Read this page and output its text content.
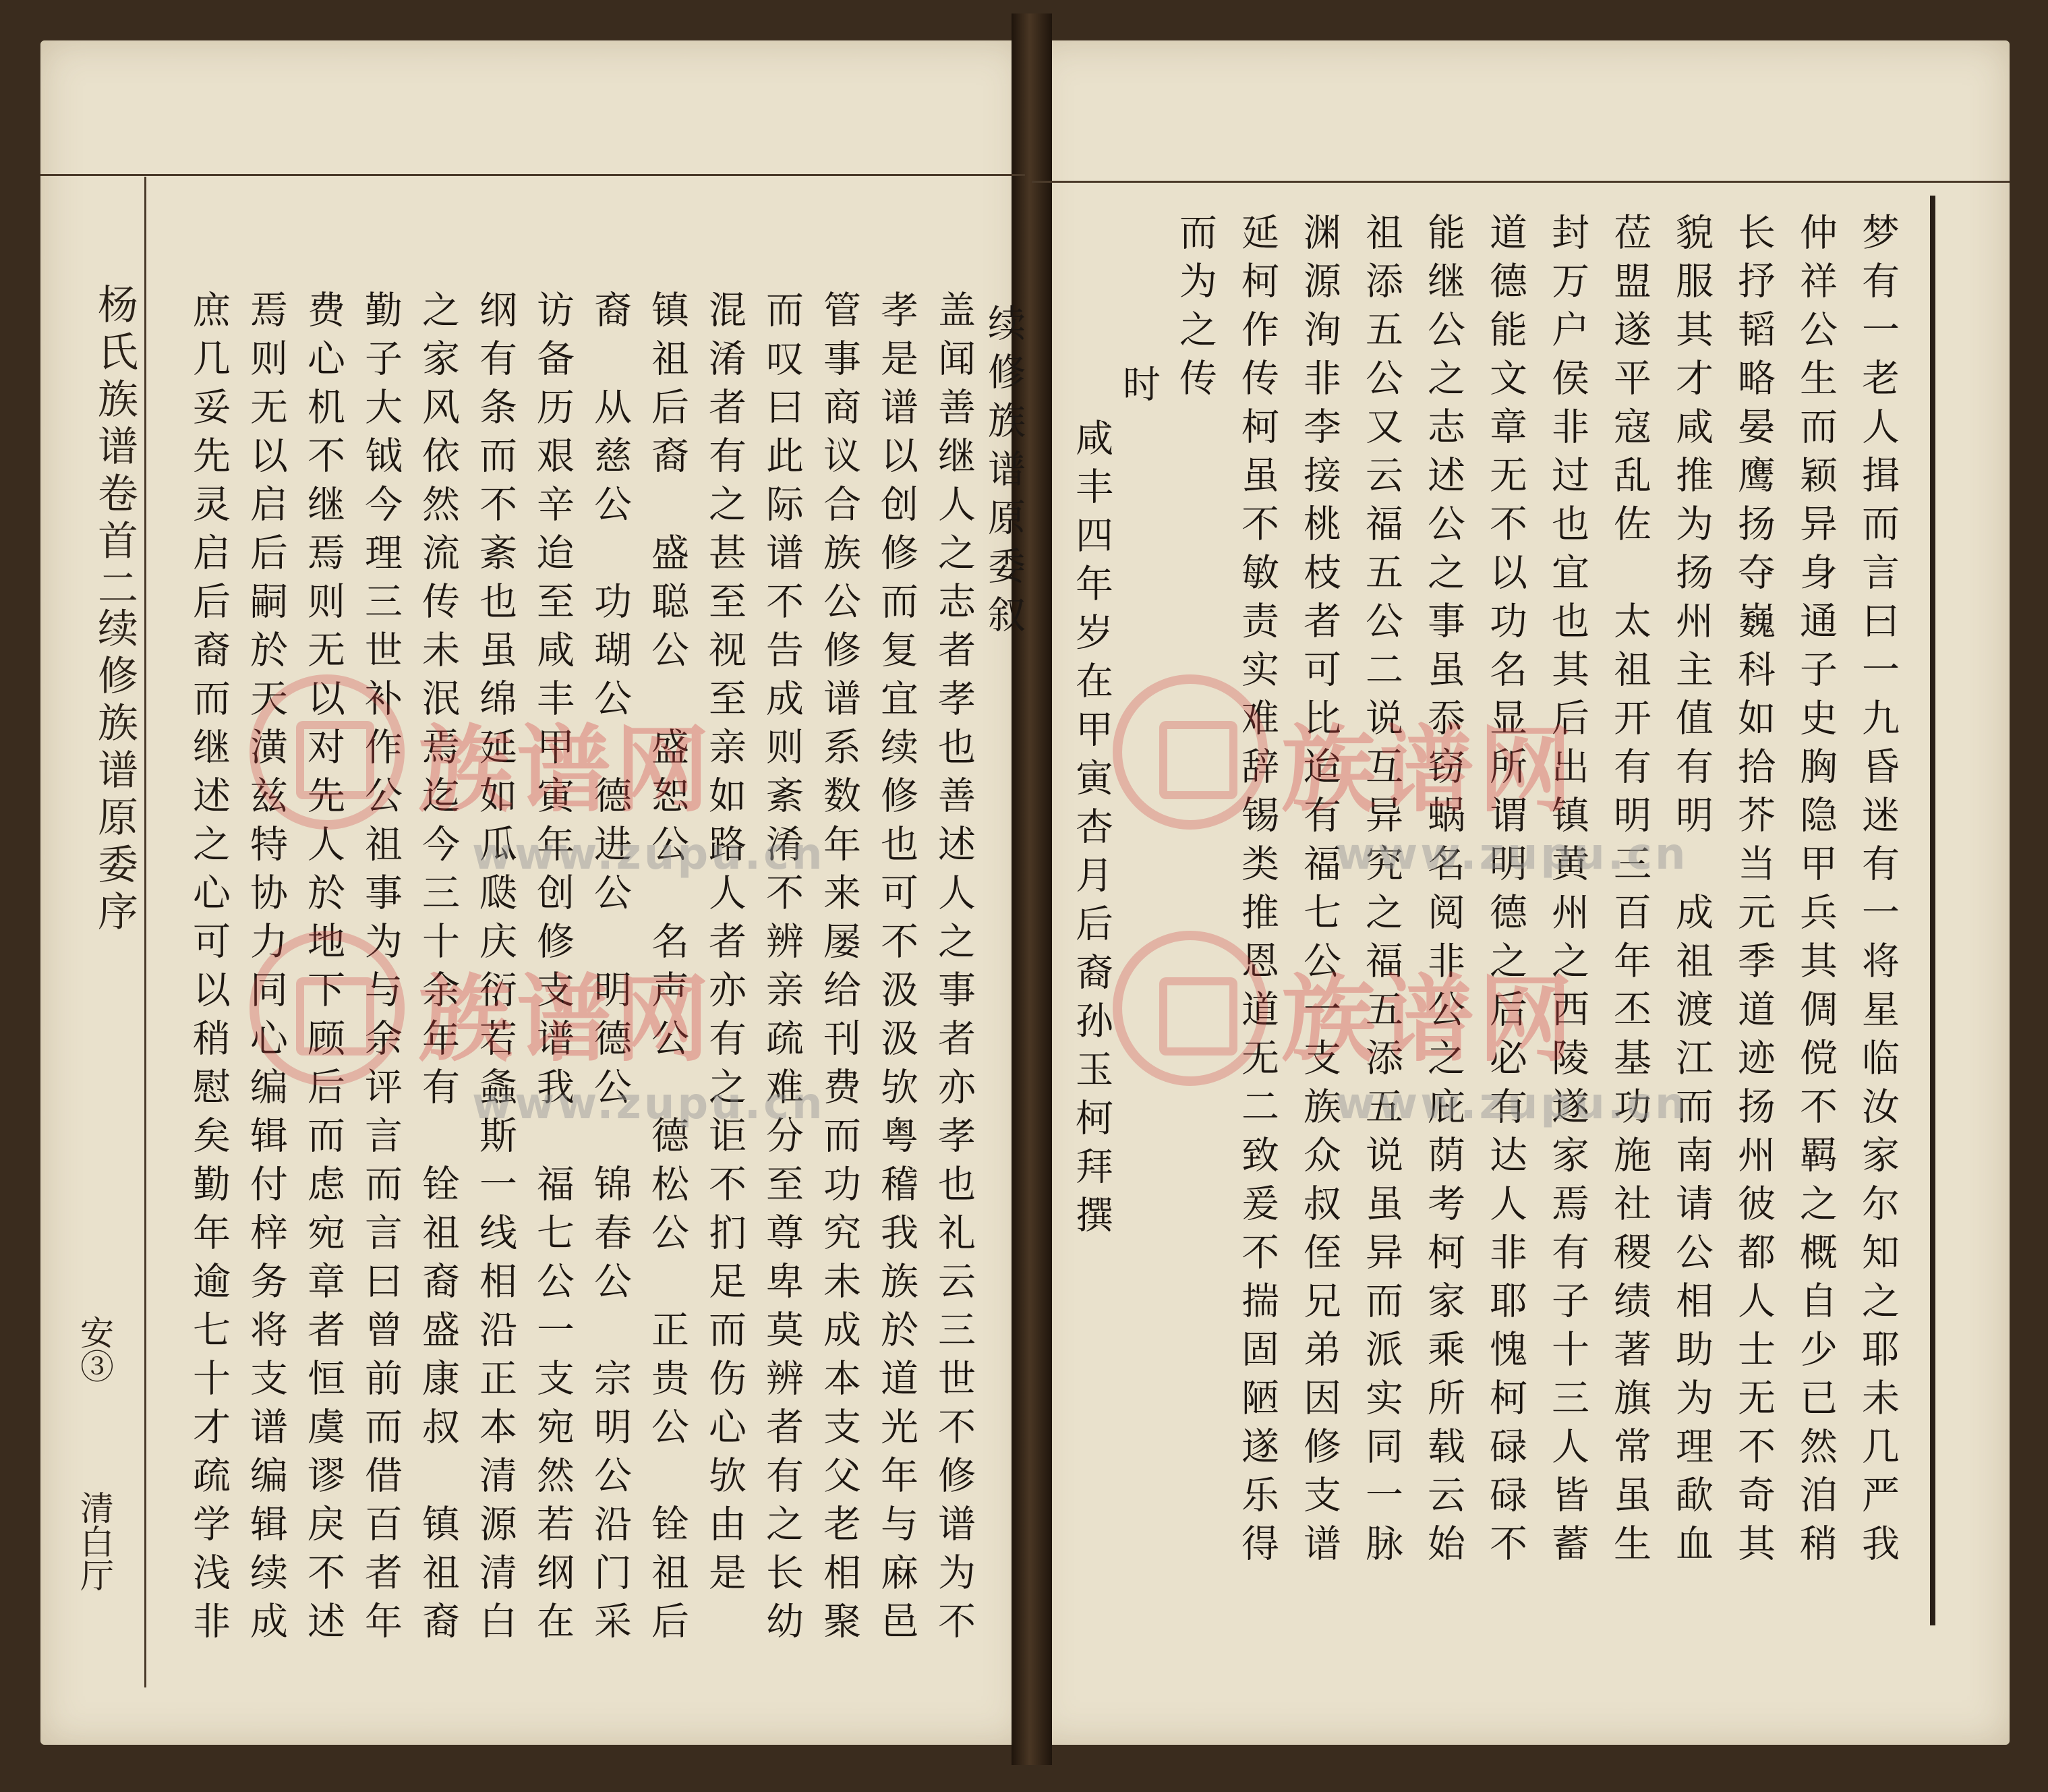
杨氏族谱卷首二
续修族谱原委序
安③
清白厅
续修族谱原委叙
盖闻善继人之志者孝也善述人之事者亦孝也礼云三世不修谱为不
孝是谱以创修而复宜续修也可不汲汲欤粤稽我族於道光年与麻邑
管事商议合族公修谱系数年来屡给刊费而功究未成本支父老相聚
而叹曰此际谱不告成则紊淆不辨亲疏难分至尊卑莫辨者有之长幼
混淆者有之甚至视至亲如路人者亦有之讵不扪足而伤心欤由是
镇祖后裔　盛聪公　盛恕公　名声公　德松公　正贵公　铨祖后
裔　从慈公　功瑚公　德进公　明德公　锦春公　宗明公沿门采
访备历艰辛迨至咸丰甲寅年创修支谱我　福七公一支宛然若纲在
纲有条而不紊也虽绵延如瓜瓞庆衍若螽斯一线相沿正本清源清白
之家风依然流传未泯焉迄今三十余年有　铨祖裔盛康叔　镇祖裔
勤子大钺今理三世补作公祖事为与余评言而言曰曾前而借百者年
费心机不继焉则无以对先人於地下顾后而虑宛章者恒虞谬戾不述
焉则无以启后嗣於天潢兹特协力同心编辑付梓务将支谱编辑续成
庶几妥先灵启后裔而继述之心可以稍慰矣勤年逾七十才疏学浅非	梦有一老人揖而言曰一九昏迷有一将星临汝家尔知之耶未几严我
仲祥公生而颖异身通子史胸隐甲兵其倜傥不羁之概自少已然洎稍
长抒韬略晏鹰扬夺巍科如拾芥当元季道迹扬州彼都人士无不奇其
貌服其才咸推为扬州主值有明　成祖渡江而南请公相助为理歃血
莅盟遂平寇乱佐　太祖开有明三百年丕基功施社稷绩著旗常虽生
封万户侯非过也宜也其后出镇黄州之西陵遂家焉有子十三人皆蓄
道德能文章无不以功名显所谓明德之后必有达人非耶愧柯碌碌不
能继公之志述公之事虽忝窃蜗名阅非公之庇荫考柯家乘所载云始
祖添五公又云福五公二说互异究之福五添五说虽异而派实同一脉
渊源洵非李接桃枝者可比迨有福七公一支族众叔侄兄弟因修支谱
延柯作传柯虽不敏责实难辞锡类推恩道无二致爰不揣固陋遂乐得
而为之传
时
咸丰四年岁在甲寅杏月后裔孙玉柯拜撰
族谱网
族谱网
族谱网
族谱网
www.zupu.cn
www.zupu.cn
www.zupu.cn
www.zupu.cn
